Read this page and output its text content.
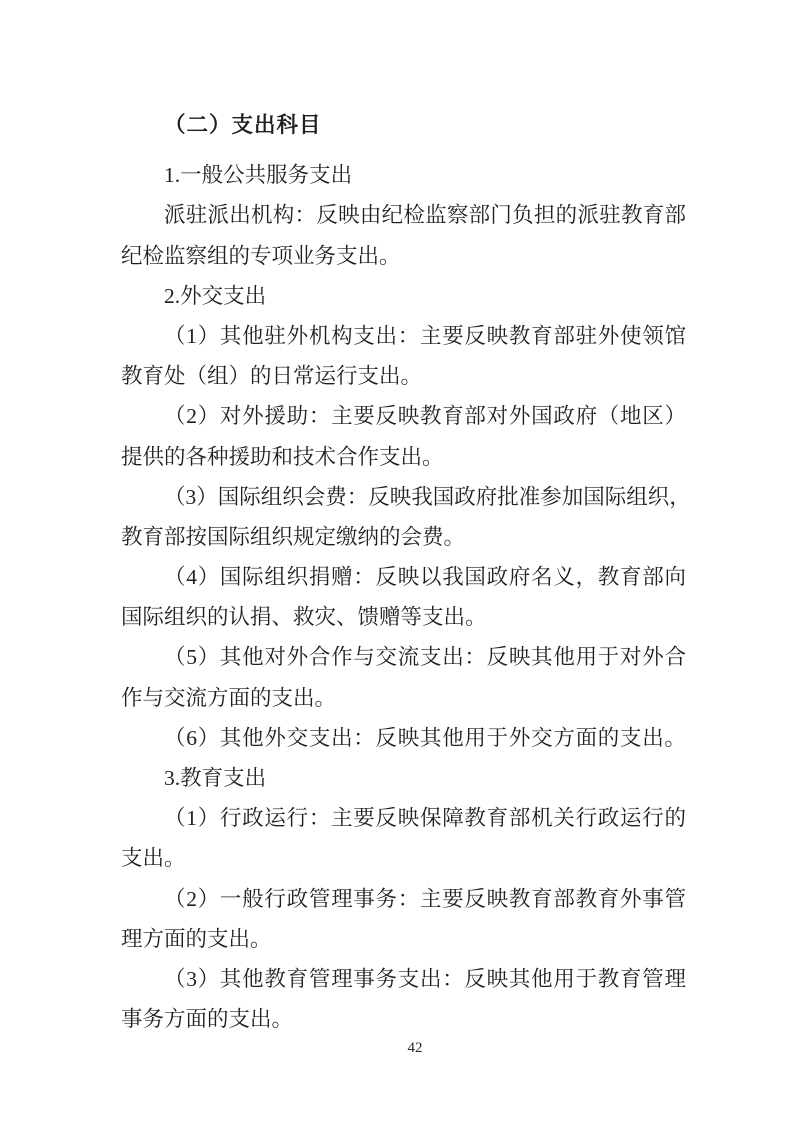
（二）支出科目
1.一般公共服务支出
派驻派出机构：反映由纪检监察部门负担的派驻教育部
纪检监察组的专项业务支出。
2.外交支出
（1）其他驻外机构支出：主要反映教育部驻外使领馆
教育处（组）的日常运行支出。
（2）对外援助：主要反映教育部对外国政府（地区）
提供的各种援助和技术合作支出。
（3）国际组织会费：反映我国政府批准参加国际组织，
教育部按国际组织规定缴纳的会费。
（4）国际组织捐赠：反映以我国政府名义，教育部向
国际组织的认捐、救灾、馈赠等支出。
（5）其他对外合作与交流支出：反映其他用于对外合
作与交流方面的支出。
（6）其他外交支出：反映其他用于外交方面的支出。
3.教育支出
（1）行政运行：主要反映保障教育部机关行政运行的
支出。
（2）一般行政管理事务：主要反映教育部教育外事管
理方面的支出。
（3）其他教育管理事务支出：反映其他用于教育管理
事务方面的支出。
42
